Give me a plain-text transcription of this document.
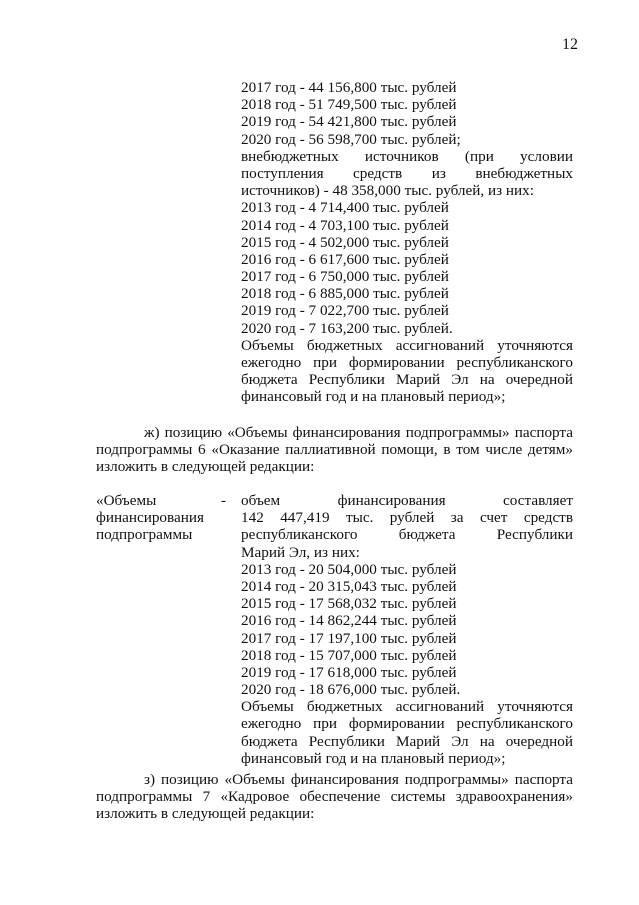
12
2017 год - 44 156,800 тыс. рублей
2018 год - 51 749,500 тыс. рублей
2019 год - 54 421,800 тыс. рублей
2020 год - 56 598,700 тыс. рублей;
внебюджетных источников (при условии
поступления средств из внебюджетных
источников) - 48 358,000 тыс. рублей, из них:
2013 год - 4 714,400 тыс. рублей
2014 год - 4 703,100 тыс. рублей
2015 год - 4 502,000 тыс. рублей
2016 год - 6 617,600 тыс. рублей
2017 год - 6 750,000 тыс. рублей
2018 год - 6 885,000 тыс. рублей
2019 год - 7 022,700 тыс. рублей
2020 год - 7 163,200 тыс. рублей.
Объемы бюджетных ассигнований уточняются
ежегодно при формировании республиканского
бюджета Республики Марий Эл на очередной
финансовый год и на плановый период»;
ж) позицию «Объемы финансирования подпрограммы» паспорта
подпрограммы 6 «Оказание паллиативной помощи, в том числе детям»
изложить в следующей редакции:
«Объемы	-
финансирования
подпрограммы
объем финансирования составляет
142 447,419 тыс. рублей за счет средств
республиканского бюджета Республики
Марий Эл, из них:
2013 год - 20 504,000 тыс. рублей
2014 год - 20 315,043 тыс. рублей
2015 год - 17 568,032 тыс. рублей
2016 год - 14 862,244 тыс. рублей
2017 год - 17 197,100 тыс. рублей
2018 год - 15 707,000 тыс. рублей
2019 год - 17 618,000 тыс. рублей
2020 год - 18 676,000 тыс. рублей.
Объемы бюджетных ассигнований уточняются
ежегодно при формировании республиканского
бюджета Республики Марий Эл на очередной
финансовый год и на плановый период»;
з) позицию «Объемы финансирования подпрограммы» паспорта
подпрограммы 7 «Кадровое обеспечение системы здравоохранения»
изложить в следующей редакции:
